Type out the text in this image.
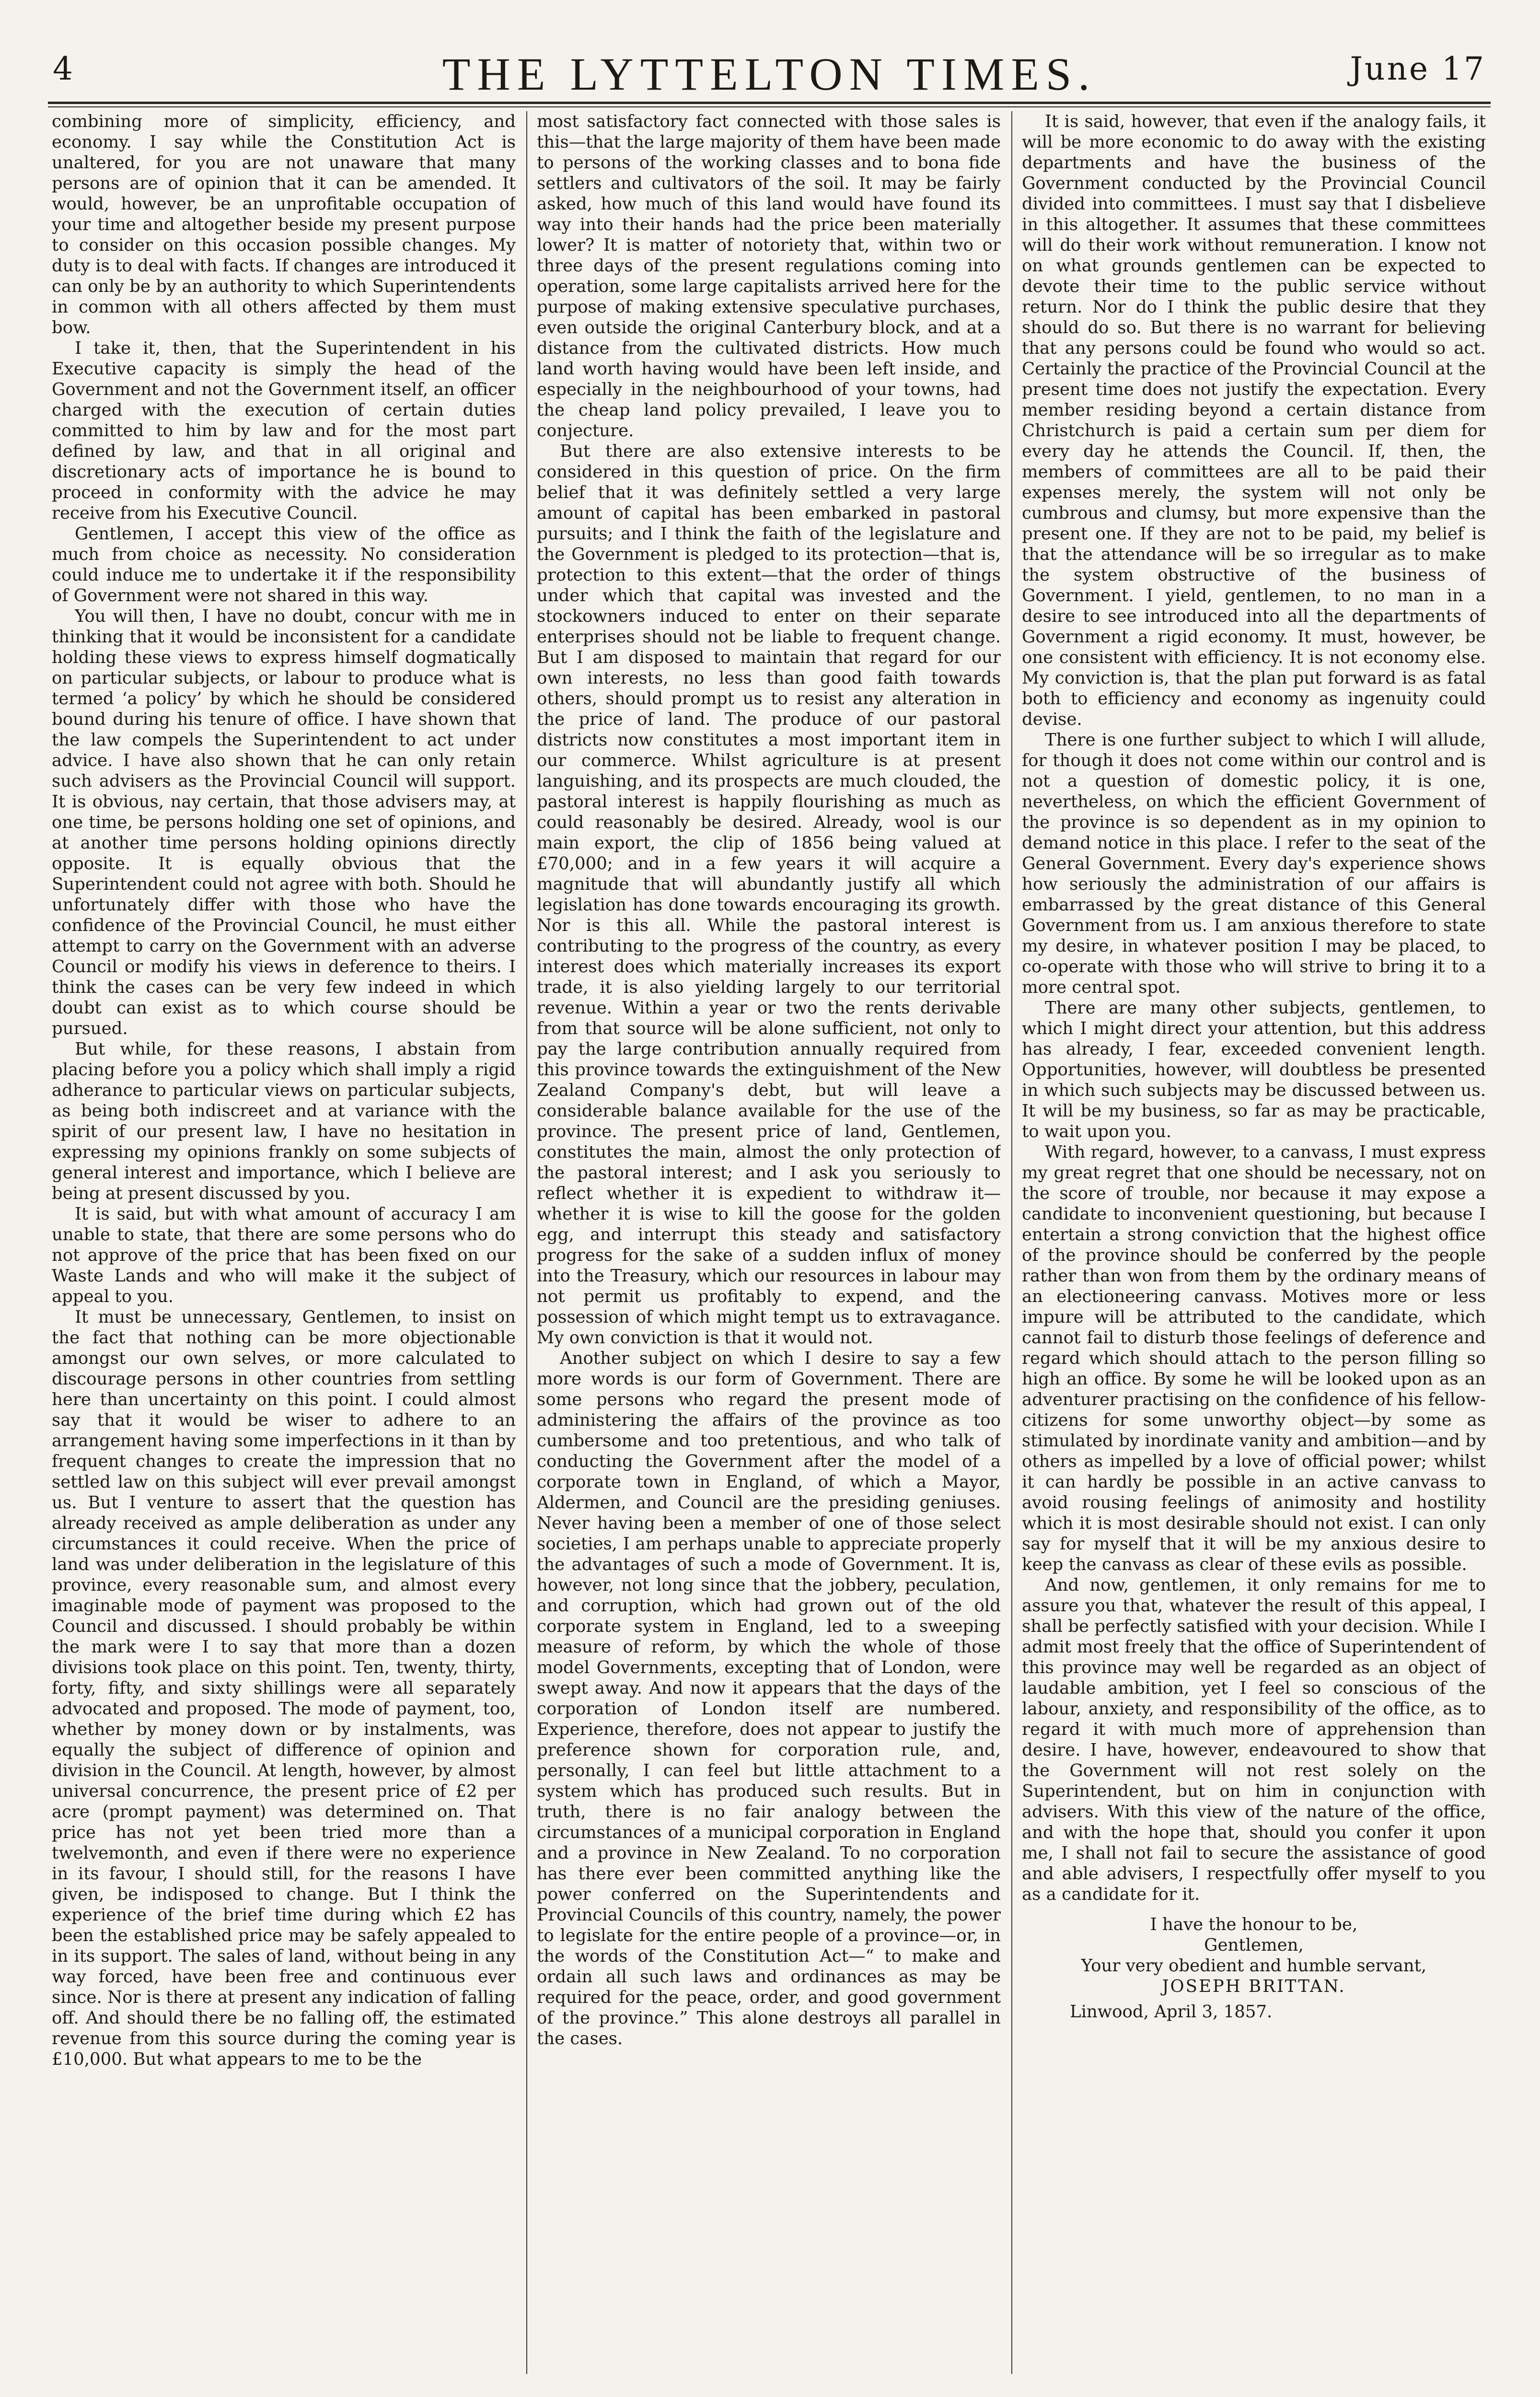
4	THE LYTTELTON TIMES.	June 17

combining more of simplicity, efficiency, and economy. I say while the Constitution Act is unaltered, for you are not unaware that many persons are of opinion that it can be amended. It would, however, be an unprofitable occupation of your time and altogether beside my present purpose to consider on this occasion possible changes. My duty is to deal with facts. If changes are introduced it can only be by an authority to which Superintendents in common with all others affected by them must bow.

I take it, then, that the Superintendent in his Executive capacity is simply the head of the Government and not the Government itself, an officer charged with the execution of certain duties committed to him by law and for the most part defined by law, and that in all original and discretionary acts of importance he is bound to proceed in conformity with the advice he may receive from his Executive Council.

Gentlemen, I accept this view of the office as much from choice as necessity. No consideration could induce me to undertake it if the responsibility of Government were not shared in this way.

You will then, I have no doubt, concur with me in thinking that it would be inconsistent for a candidate holding these views to express himself dogmatically on particular subjects, or labour to produce what is termed ‘a policy’ by which he should be considered bound during his tenure of office. I have shown that the law compels the Superintendent to act under advice. I have also shown that he can only retain such advisers as the Provincial Council will support. It is obvious, nay certain, that those advisers may, at one time, be persons holding one set of opinions, and at another time persons holding opinions directly opposite. It is equally obvious that the Superintendent could not agree with both. Should he unfortunately differ with those who have the confidence of the Provincial Council, he must either attempt to carry on the Government with an adverse Council or modify his views in deference to theirs. I think the cases can be very few indeed in which doubt can exist as to which course should be pursued.

But while, for these reasons, I abstain from placing before you a policy which shall imply a rigid adherance to particular views on particular subjects, as being both indiscreet and at variance with the spirit of our present law, I have no hesitation in expressing my opinions frankly on some subjects of general interest and importance, which I believe are being at present discussed by you.

It is said, but with what amount of accuracy I am unable to state, that there are some persons who do not approve of the price that has been fixed on our Waste Lands and who will make it the subject of appeal to you.

It must be unnecessary, Gentlemen, to insist on the fact that nothing can be more objectionable amongst our own selves, or more calculated to discourage persons in other countries from settling here than uncertainty on this point. I could almost say that it would be wiser to adhere to an arrangement having some imperfections in it than by frequent changes to create the impression that no settled law on this subject will ever prevail amongst us. But I venture to assert that the question has already received as ample deliberation as under any circumstances it could receive. When the price of land was under deliberation in the legislature of this province, every reasonable sum, and almost every imaginable mode of payment was proposed to the Council and discussed. I should probably be within the mark were I to say that more than a dozen divisions took place on this point. Ten, twenty, thirty, forty, fifty, and sixty shillings were all separately advocated and proposed. The mode of payment, too, whether by money down or by instalments, was equally the subject of difference of opinion and division in the Council. At length, however, by almost universal concurrence, the present price of £2 per acre (prompt payment) was determined on. That price has not yet been tried more than a twelvemonth, and even if there were no experience in its favour, I should still, for the reasons I have given, be indisposed to change. But I think the experience of the brief time during which £2 has been the established price may be safely appealed to in its support. The sales of land, without being in any way forced, have been free and continuous ever since. Nor is there at present any indication of falling off. And should there be no falling off, the estimated revenue from this source during the coming year is £10,000. But what appears to me to be the

most satisfactory fact connected with those sales is this—that the large majority of them have been made to persons of the working classes and to bona fide settlers and cultivators of the soil. It may be fairly asked, how much of this land would have found its way into their hands had the price been materially lower? It is matter of notoriety that, within two or three days of the present regulations coming into operation, some large capitalists arrived here for the purpose of making extensive speculative purchases, even outside the original Canterbury block, and at a distance from the cultivated districts. How much land worth having would have been left inside, and especially in the neighbourhood of your towns, had the cheap land policy prevailed, I leave you to conjecture.

But there are also extensive interests to be considered in this question of price. On the firm belief that it was definitely settled a very large amount of capital has been embarked in pastoral pursuits; and I think the faith of the legislature and the Government is pledged to its protection—that is, protection to this extent—that the order of things under which that capital was invested and the stockowners induced to enter on their separate enterprises should not be liable to frequent change. But I am disposed to maintain that regard for our own interests, no less than good faith towards others, should prompt us to resist any alteration in the price of land. The produce of our pastoral districts now constitutes a most important item in our commerce. Whilst agriculture is at present languishing, and its prospects are much clouded, the pastoral interest is happily flourishing as much as could reasonably be desired. Already, wool is our main export, the clip of 1856 being valued at £70,000; and in a few years it will acquire a magnitude that will abundantly justify all which legislation has done towards encouraging its growth. Nor is this all. While the pastoral interest is contributing to the progress of the country, as every interest does which materially increases its export trade, it is also yielding largely to our territorial revenue. Within a year or two the rents derivable from that source will be alone sufficient, not only to pay the large contribution annually required from this province towards the extinguishment of the New Zealand Company's debt, but will leave a considerable balance available for the use of the province. The present price of land, Gentlemen, constitutes the main, almost the only protection of the pastoral interest; and I ask you seriously to reflect whether it is expedient to withdraw it—whether it is wise to kill the goose for the golden egg, and interrupt this steady and satisfactory progress for the sake of a sudden influx of money into the Treasury, which our resources in labour may not permit us profitably to expend, and the possession of which might tempt us to extravagance. My own conviction is that it would not.

Another subject on which I desire to say a few more words is our form of Government. There are some persons who regard the present mode of administering the affairs of the province as too cumbersome and too pretentious, and who talk of conducting the Government after the model of a corporate town in England, of which a Mayor, Aldermen, and Council are the presiding geniuses. Never having been a member of one of those select societies, I am perhaps unable to appreciate properly the advantages of such a mode of Government. It is, however, not long since that the jobbery, peculation, and corruption, which had grown out of the old corporate system in England, led to a sweeping measure of reform, by which the whole of those model Governments, excepting that of London, were swept away. And now it appears that the days of the corporation of London itself are numbered. Experience, therefore, does not appear to justify the preference shown for corporation rule, and, personally, I can feel but little attachment to a system which has produced such results. But in truth, there is no fair analogy between the circumstances of a municipal corporation in England and a province in New Zealand. To no corporation has there ever been committed anything like the power conferred on the Superintendents and Provincial Councils of this country, namely, the power to legislate for the entire people of a province—or, in the words of the Constitution Act—“ to make and ordain all such laws and ordinances as may be required for the peace, order, and good government of the province.” This alone destroys all parallel in the cases.

It is said, however, that even if the analogy fails, it will be more economic to do away with the existing departments and have the business of the Government conducted by the Provincial Council divided into committees. I must say that I disbelieve in this altogether. It assumes that these committees will do their work without remuneration. I know not on what grounds gentlemen can be expected to devote their time to the public service without return. Nor do I think the public desire that they should do so. But there is no warrant for believing that any persons could be found who would so act. Certainly the practice of the Provincial Council at the present time does not justify the expectation. Every member residing beyond a certain distance from Christchurch is paid a certain sum per diem for every day he attends the Council. If, then, the members of committees are all to be paid their expenses merely, the system will not only be cumbrous and clumsy, but more expensive than the present one. If they are not to be paid, my belief is that the attendance will be so irregular as to make the system obstructive of the business of Government. I yield, gentlemen, to no man in a desire to see introduced into all the departments of Government a rigid economy. It must, however, be one consistent with efficiency. It is not economy else. My conviction is, that the plan put forward is as fatal both to efficiency and economy as ingenuity could devise.

There is one further subject to which I will allude, for though it does not come within our control and is not a question of domestic policy, it is one, nevertheless, on which the efficient Government of the province is so dependent as in my opinion to demand notice in this place. I refer to the seat of the General Government. Every day's experience shows how seriously the administration of our affairs is embarrassed by the great distance of this General Government from us. I am anxious therefore to state my desire, in whatever position I may be placed, to co-operate with those who will strive to bring it to a more central spot.

There are many other subjects, gentlemen, to which I might direct your attention, but this address has already, I fear, exceeded convenient length. Opportunities, however, will doubtless be presented in which such subjects may be discussed between us. It will be my business, so far as may be practicable, to wait upon you.

With regard, however, to a canvass, I must express my great regret that one should be necessary, not on the score of trouble, nor because it may expose a candidate to inconvenient questioning, but because I entertain a strong conviction that the highest office of the province should be conferred by the people rather than won from them by the ordinary means of an electioneering canvass. Motives more or less impure will be attributed to the candidate, which cannot fail to disturb those feelings of deference and regard which should attach to the person filling so high an office. By some he will be looked upon as an adventurer practising on the confidence of his fellow-citizens for some unworthy object—by some as stimulated by inordinate vanity and ambition—and by others as impelled by a love of official power; whilst it can hardly be possible in an active canvass to avoid rousing feelings of animosity and hostility which it is most desirable should not exist. I can only say for myself that it will be my anxious desire to keep the canvass as clear of these evils as possible.

And now, gentlemen, it only remains for me to assure you that, whatever the result of this appeal, I shall be perfectly satisfied with your decision. While I admit most freely that the office of Superintendent of this province may well be regarded as an object of laudable ambition, yet I feel so conscious of the labour, anxiety, and responsibility of the office, as to regard it with much more of apprehension than desire. I have, however, endeavoured to show that the Government will not rest solely on the Superintendent, but on him in conjunction with advisers. With this view of the nature of the office, and with the hope that, should you confer it upon me, I shall not fail to secure the assistance of good and able advisers, I respectfully offer myself to you as a candidate for it.

I have the honour to be,
Gentlemen,
Your very obedient and humble servant,
JOSEPH BRITTAN.
Linwood, April 3, 1857.
